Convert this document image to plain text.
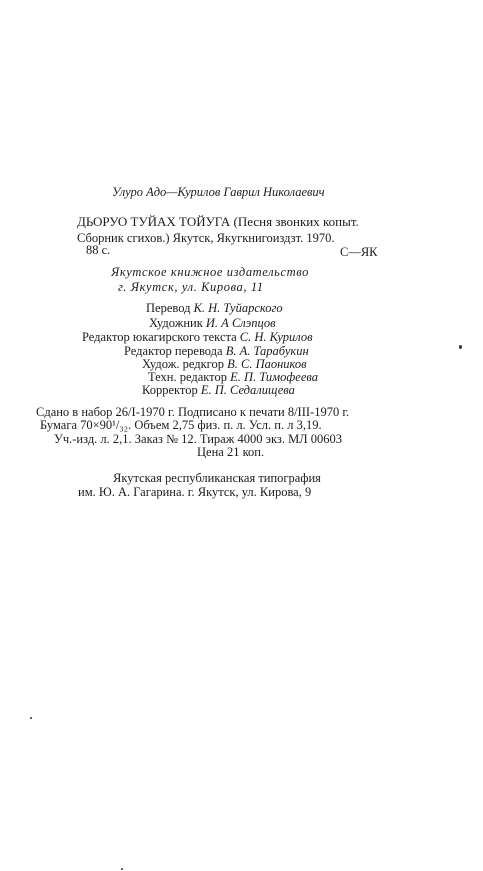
Улуро Адо—Курилов Гаврил Николаевич
ДЬОРУО ТУЙАХ ТОЙУГА (Песня звонких копыт.
Сборник сгихов.) Якутск, Якугкнигоиздзт. 1970.
88 с.	С—ЯК
Якутское книжное издательство
г. Якутск, ул. Кирова, 11
Перевод К. Н. Туйарского
Художник И. А Слэпцов
Редактор юкагирского текста С. Н. Курилов
Редактор перевода В. А. Тарабукин
Худож. редкгор В. С. Паоников
Техн. редактор Е. П. Тимофеева
Корректор Е. П. Седалищева
Сдано в набор 26/І-1970 г. Подписано к печати 8/III-1970 г.
Бумага 70×90¹/₃₂. Объем 2,75 физ. п. л. Усл. п. л 3,19.
Уч.-изд. л. 2,1. Заказ № 12. Тираж 4000 экз. МЛ 00603
Цена 21 коп.
Якутская республиканская типография
им. Ю. А. Гагарина. г. Якутск, ул. Кирова, 9
